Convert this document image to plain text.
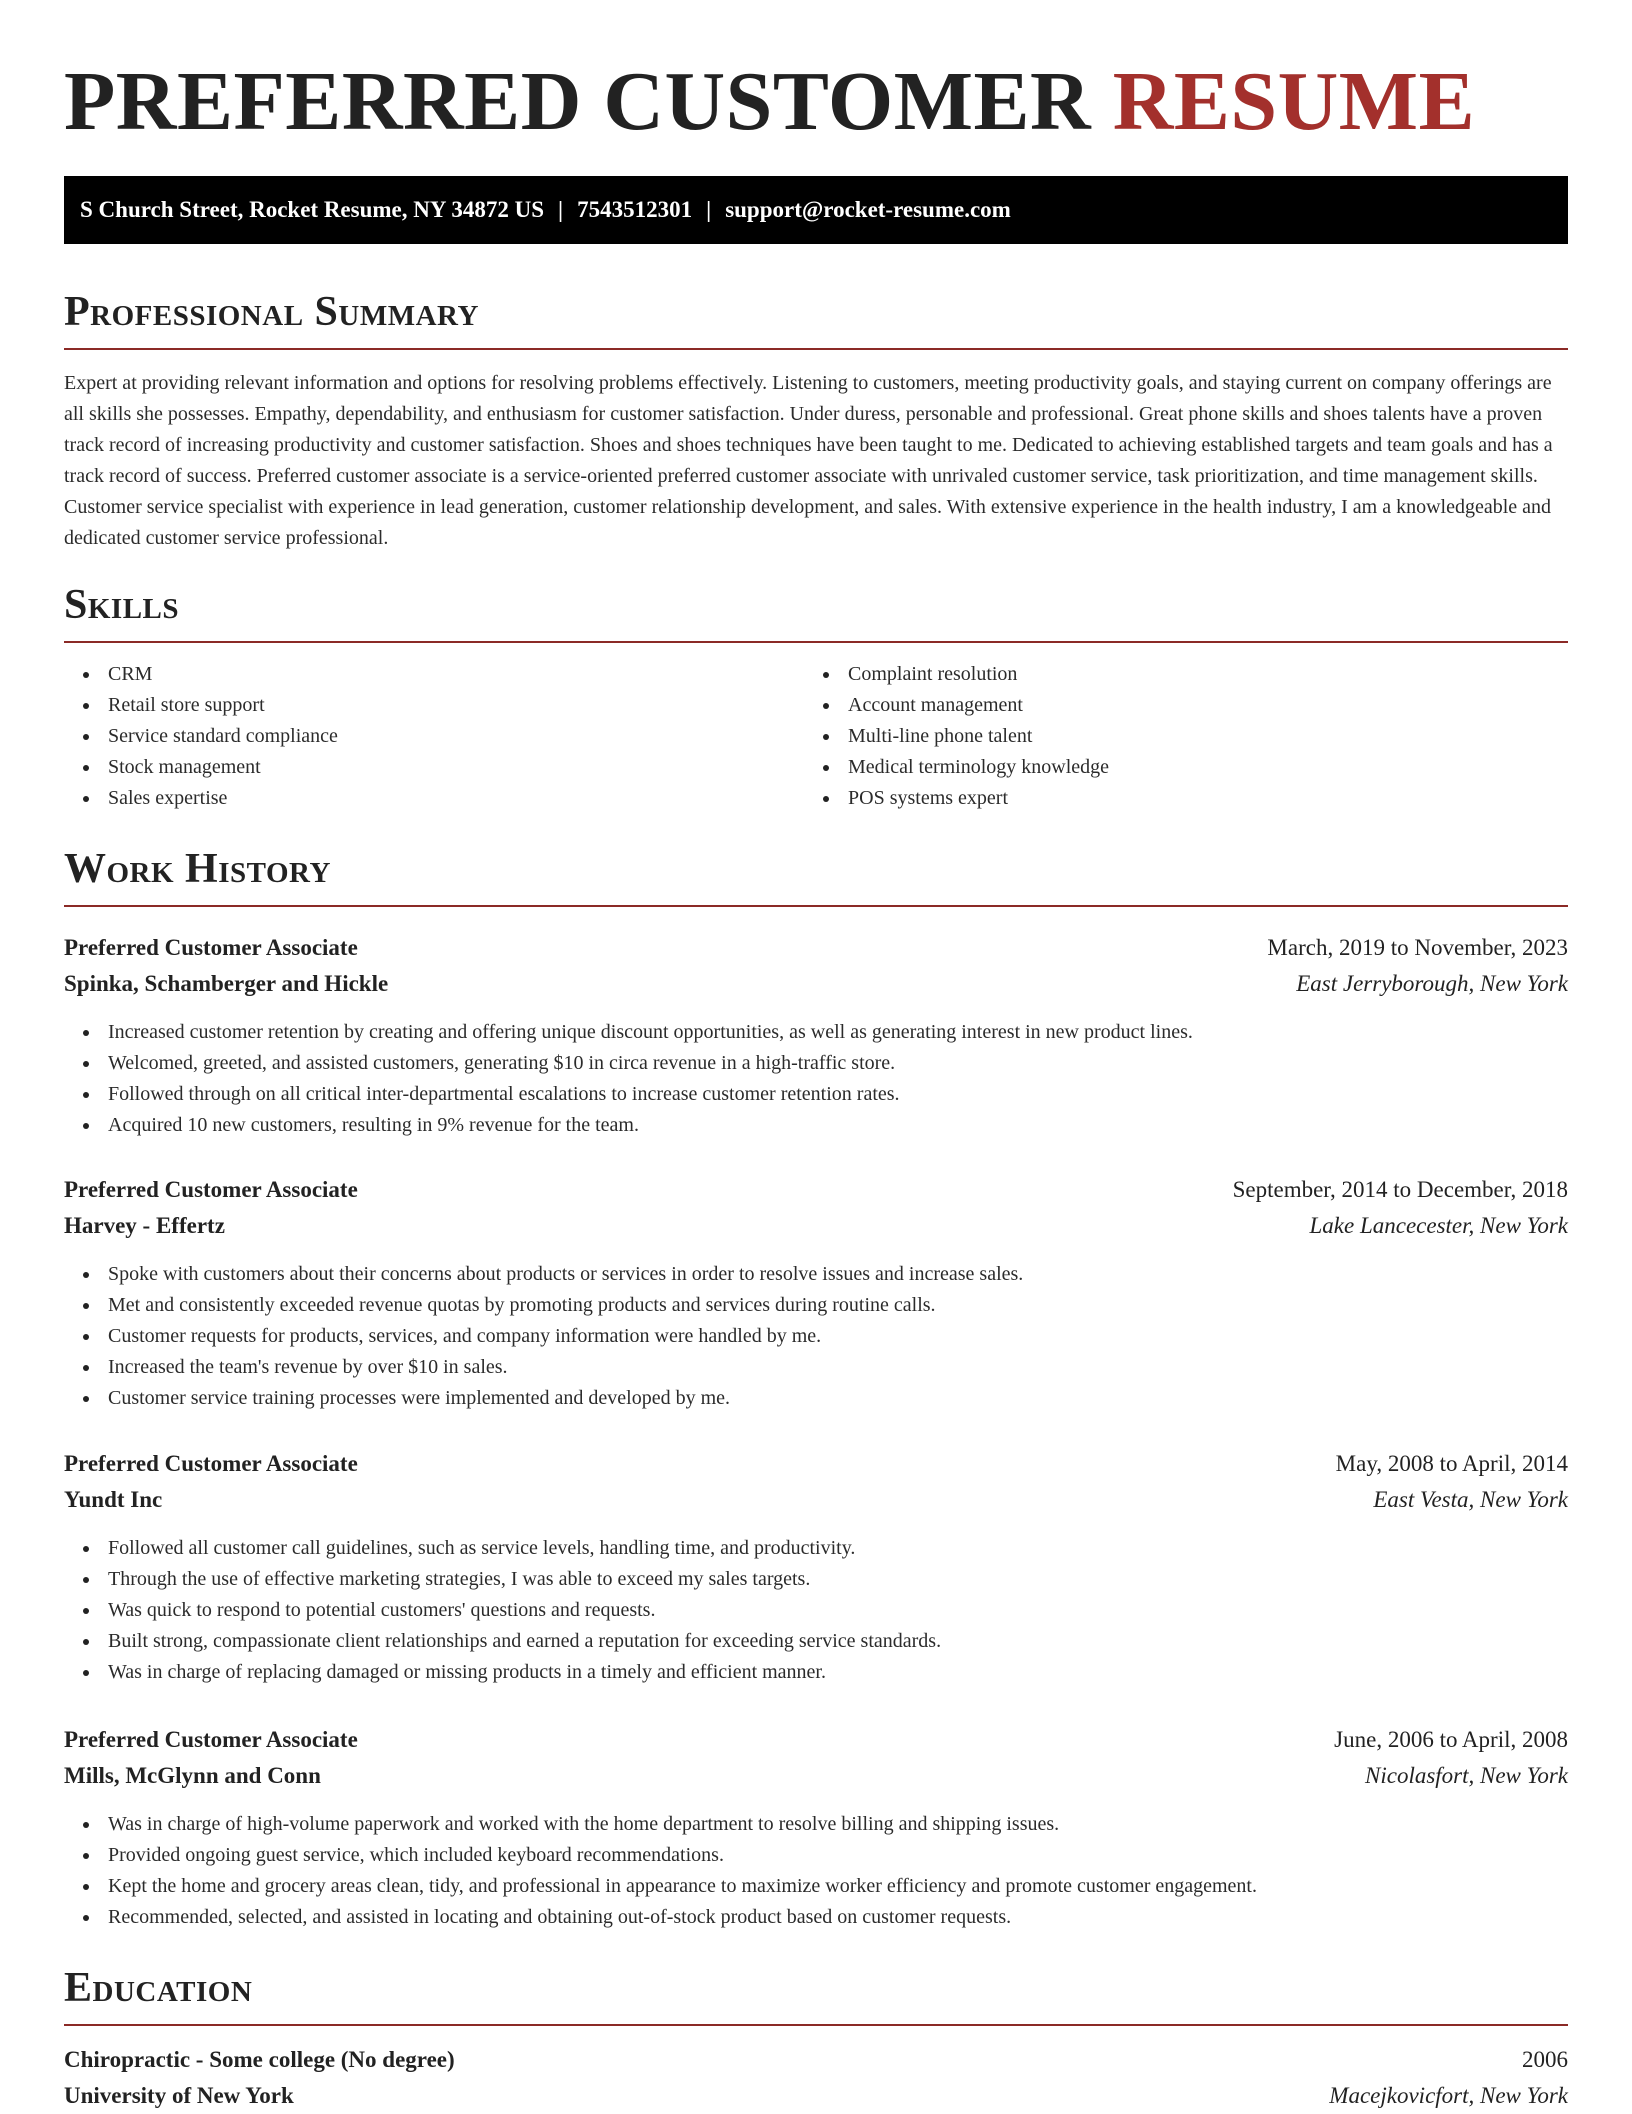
PREFERRED CUSTOMER RESUME
S Church Street, Rocket Resume, NY 34872 US | 7543512301 | support@rocket-resume.com
Professional Summary

Expert at providing relevant information and options for resolving problems effectively. Listening to customers, meeting productivity goals, and staying current on company offerings are all skills she possesses. Empathy, dependability, and enthusiasm for customer satisfaction. Under duress, personable and professional. Great phone skills and shoes talents have a proven track record of increasing productivity and customer satisfaction. Shoes and shoes techniques have been taught to me. Dedicated to achieving established targets and team goals and has a track record of success. Preferred customer associate is a service-oriented preferred customer associate with unrivaled customer service, task prioritization, and time management skills. Customer service specialist with experience in lead generation, customer relationship development, and sales. With extensive experience in the health industry, I am a knowledgeable and dedicated customer service professional.

Skills
CRM
Retail store support
Service standard compliance
Stock management
Sales expertise
Complaint resolution
Account management
Multi-line phone talent
Medical terminology knowledge
POS systems expert
Work History
Preferred Customer Associate	March, 2019 to November, 2023
Spinka, Schamberger and Hickle	East Jerryborough, New York
Increased customer retention by creating and offering unique discount opportunities, as well as generating interest in new product lines.
Welcomed, greeted, and assisted customers, generating $10 in circa revenue in a high-traffic store.
Followed through on all critical inter-departmental escalations to increase customer retention rates.
Acquired 10 new customers, resulting in 9% revenue for the team.
Preferred Customer Associate	September, 2014 to December, 2018
Harvey - Effertz	Lake Lancecester, New York
Spoke with customers about their concerns about products or services in order to resolve issues and increase sales.
Met and consistently exceeded revenue quotas by promoting products and services during routine calls.
Customer requests for products, services, and company information were handled by me.
Increased the team's revenue by over $10 in sales.
Customer service training processes were implemented and developed by me.
Preferred Customer Associate	May, 2008 to April, 2014
Yundt Inc	East Vesta, New York
Followed all customer call guidelines, such as service levels, handling time, and productivity.
Through the use of effective marketing strategies, I was able to exceed my sales targets.
Was quick to respond to potential customers' questions and requests.
Built strong, compassionate client relationships and earned a reputation for exceeding service standards.
Was in charge of replacing damaged or missing products in a timely and efficient manner.
Preferred Customer Associate	June, 2006 to April, 2008
Mills, McGlynn and Conn	Nicolasfort, New York
Was in charge of high-volume paperwork and worked with the home department to resolve billing and shipping issues.
Provided ongoing guest service, which included keyboard recommendations.
Kept the home and grocery areas clean, tidy, and professional in appearance to maximize worker efficiency and promote customer engagement.
Recommended, selected, and assisted in locating and obtaining out-of-stock product based on customer requests.
Education
Chiropractic - Some college (No degree)	2006
University of New York	Macejkovicfort, New York
